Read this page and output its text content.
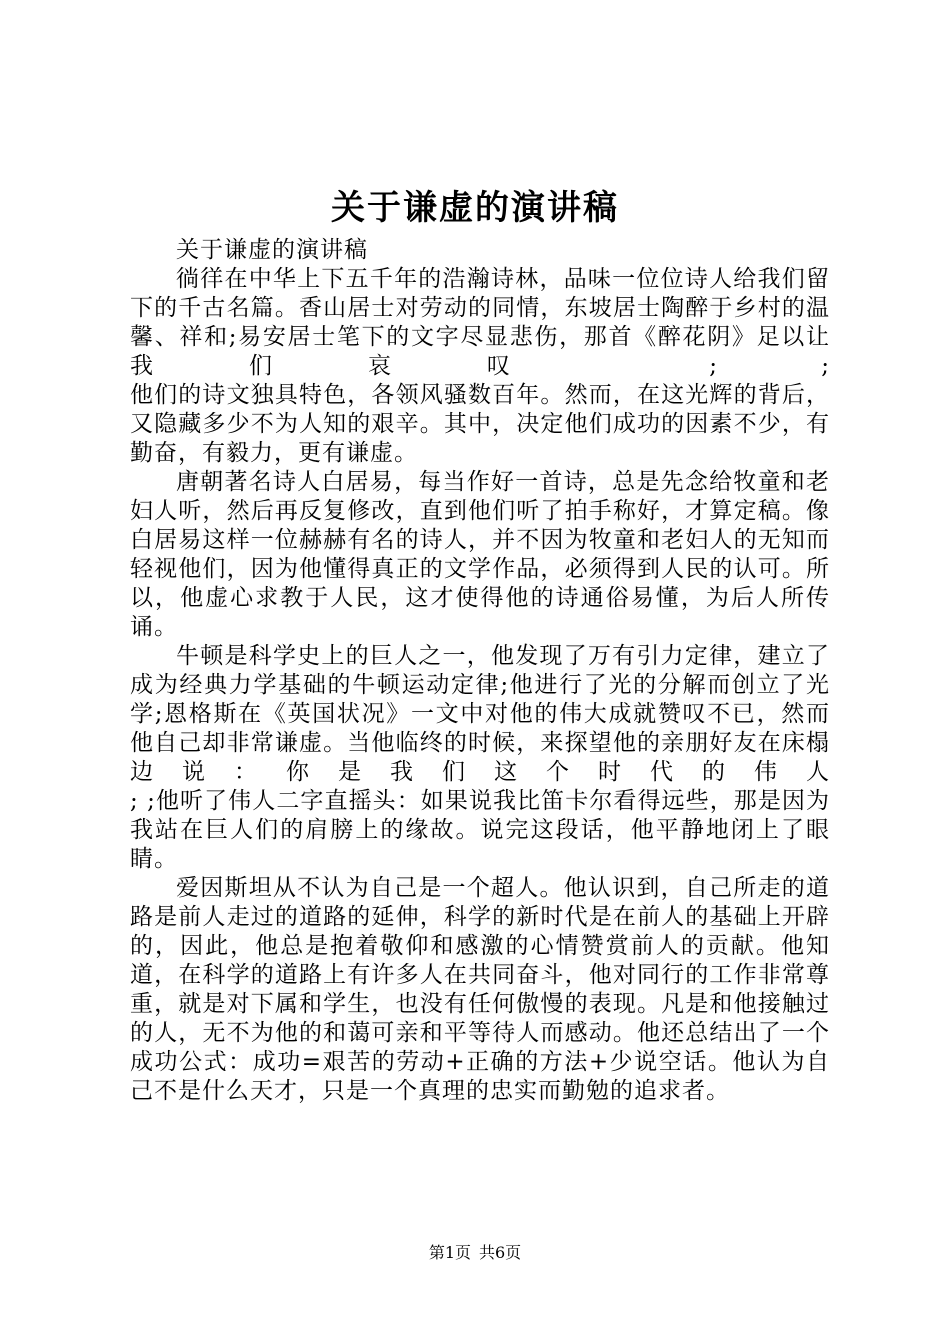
关于谦虚的演讲稿

关于谦虚的演讲稿

徜徉在中华上下五千年的浩瀚诗林，品味一位位诗人给我们留下的千古名篇。香山居士对劳动的同情，东坡居士陶醉于乡村的温馨、祥和;易安居士笔下的文字尽显悲伤，那首《醉花阴》足以让我们哀叹 ; ;

他们的诗文独具特色，各领风骚数百年。然而，在这光辉的背后，又隐藏多少不为人知的艰辛。其中，决定他们成功的因素不少，有勤奋，有毅力，更有谦虚。

唐朝著名诗人白居易，每当作好一首诗，总是先念给牧童和老妇人听，然后再反复修改，直到他们听了拍手称好，才算定稿。像白居易这样一位赫赫有名的诗人，并不因为牧童和老妇人的无知而轻视他们，因为他懂得真正的文学作品，必须得到人民的认可。所以，他虚心求教于人民，这才使得他的诗通俗易懂，为后人所传诵。

牛顿是科学史上的巨人之一，他发现了万有引力定律，建立了成为经典力学基础的牛顿运动定律;他进行了光的分解而创立了光学;恩格斯在《英国状况》一文中对他的伟大成就赞叹不已，然而他自己却非常谦虚。当他临终的时候，来探望他的亲朋好友在床榻边说：你是我们这个时代的伟人

; ;他听了伟人二字直摇头：如果说我比笛卡尔看得远些，那是因为我站在巨人们的肩膀上的缘故。说完这段话，他平静地闭上了眼睛。

爱因斯坦从不认为自己是一个超人。他认识到，自己所走的道路是前人走过的道路的延伸，科学的新时代是在前人的基础上开辟的，因此，他总是抱着敬仰和感激的心情赞赏前人的贡献。他知道，在科学的道路上有许多人在共同奋斗，他对同行的工作非常尊重，就是对下属和学生，也没有任何傲慢的表现。凡是和他接触过的人，无不为他的和蔼可亲和平等待人而感动。他还总结出了一个成功公式：成功=艰苦的劳动+正确的方法+少说空话。他认为自己不是什么天才，只是一个真理的忠实而勤勉的追求者。

第1页 共6页
